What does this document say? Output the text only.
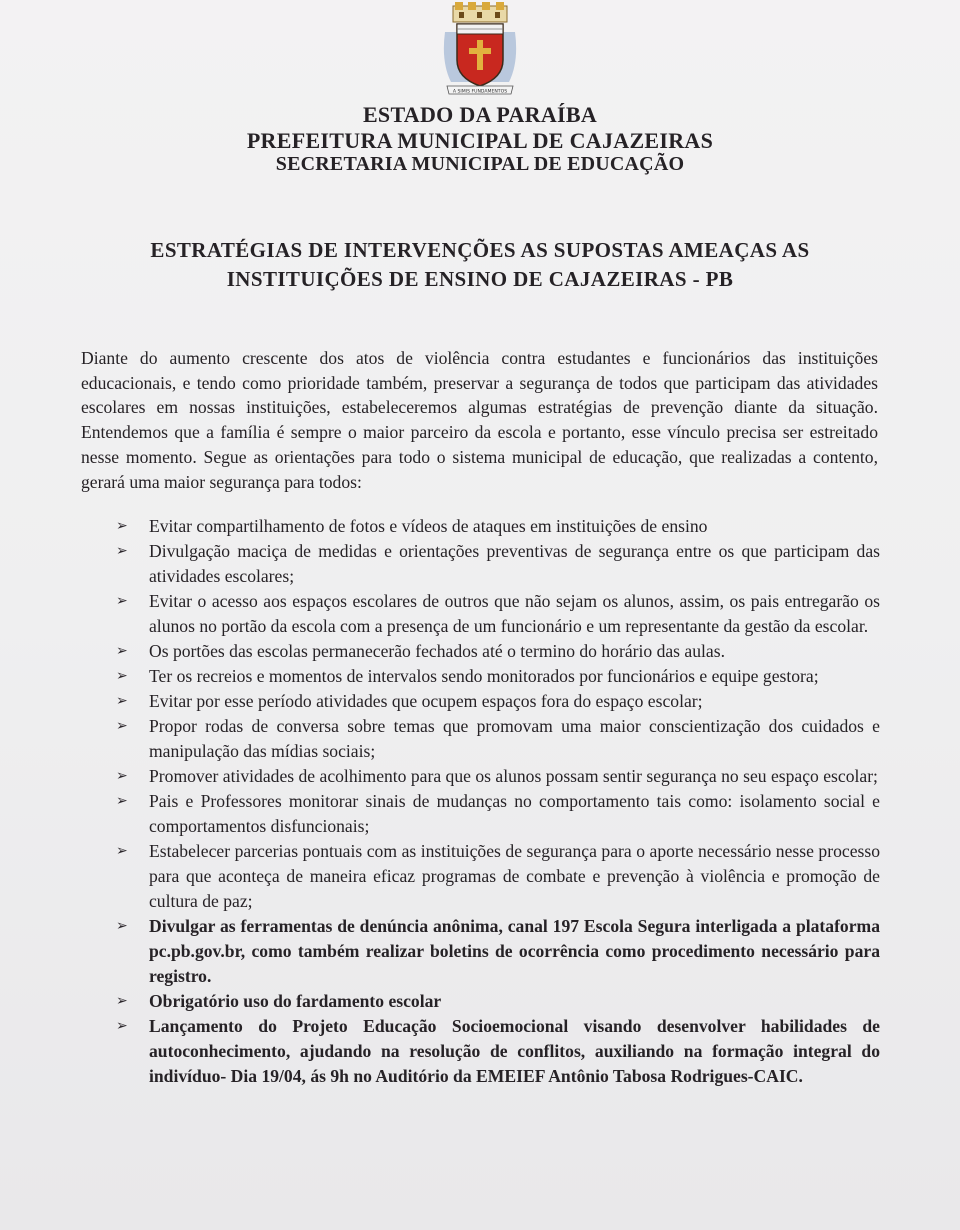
A SIMIS FUNDAMENTOS

ESTADO DA PARAÍBA

PREFEITURA MUNICIPAL DE CAJAZEIRAS

SECRETARIA MUNICIPAL DE EDUCAÇÃO

ESTRATÉGIAS DE INTERVENÇÕES AS SUPOSTAS AMEAÇAS AS
INSTITUIÇÕES DE ENSINO DE CAJAZEIRAS - PB

Diante do aumento crescente dos atos de violência contra estudantes e funcionários das instituições educacionais, e tendo como prioridade também, preservar a segurança de todos que participam das atividades escolares em nossas instituições, estabeleceremos algumas estratégias de prevenção diante da situação. Entendemos que a família é sempre o maior parceiro da escola e portanto, esse vínculo precisa ser estreitado nesse momento. Segue as orientações para todo o sistema municipal de educação, que realizadas a contento, gerará uma maior segurança para todos:

➢ Evitar compartilhamento de fotos e vídeos de ataques em instituições de ensino
➢ Divulgação maciça de medidas e orientações preventivas de segurança entre os que participam das atividades escolares;
➢ Evitar o acesso aos espaços escolares de outros que não sejam os alunos, assim, os pais entregarão os alunos no portão da escola com a presença de um funcionário e um representante da gestão da escolar.
➢ Os portões das escolas permanecerão fechados até o termino do horário das aulas.
➢ Ter os recreios e momentos de intervalos sendo monitorados por funcionários e equipe gestora;
➢ Evitar por esse período atividades que ocupem espaços fora do espaço escolar;
➢ Propor rodas de conversa sobre temas que promovam uma maior conscientização dos cuidados e manipulação das mídias sociais;
➢ Promover atividades de acolhimento para que os alunos possam sentir segurança no seu espaço escolar;
➢ Pais e Professores monitorar sinais de mudanças no comportamento tais como: isolamento social e comportamentos disfuncionais;
➢ Estabelecer parcerias pontuais com as instituições de segurança para o aporte necessário nesse processo para que aconteça de maneira eficaz programas de combate e prevenção à violência e promoção de cultura de paz;
➢ Divulgar as ferramentas de denúncia anônima, canal 197 Escola Segura interligada a plataforma pc.pb.gov.br, como também realizar boletins de ocorrência como procedimento necessário para registro.
➢ Obrigatório uso do fardamento escolar
➢ Lançamento do Projeto Educação Socioemocional visando desenvolver habilidades de autoconhecimento, ajudando na resolução de conflitos, auxiliando na formação integral do indivíduo- Dia 19/04, ás 9h no Auditório da EMEIEF Antônio Tabosa Rodrigues-CAIC.
